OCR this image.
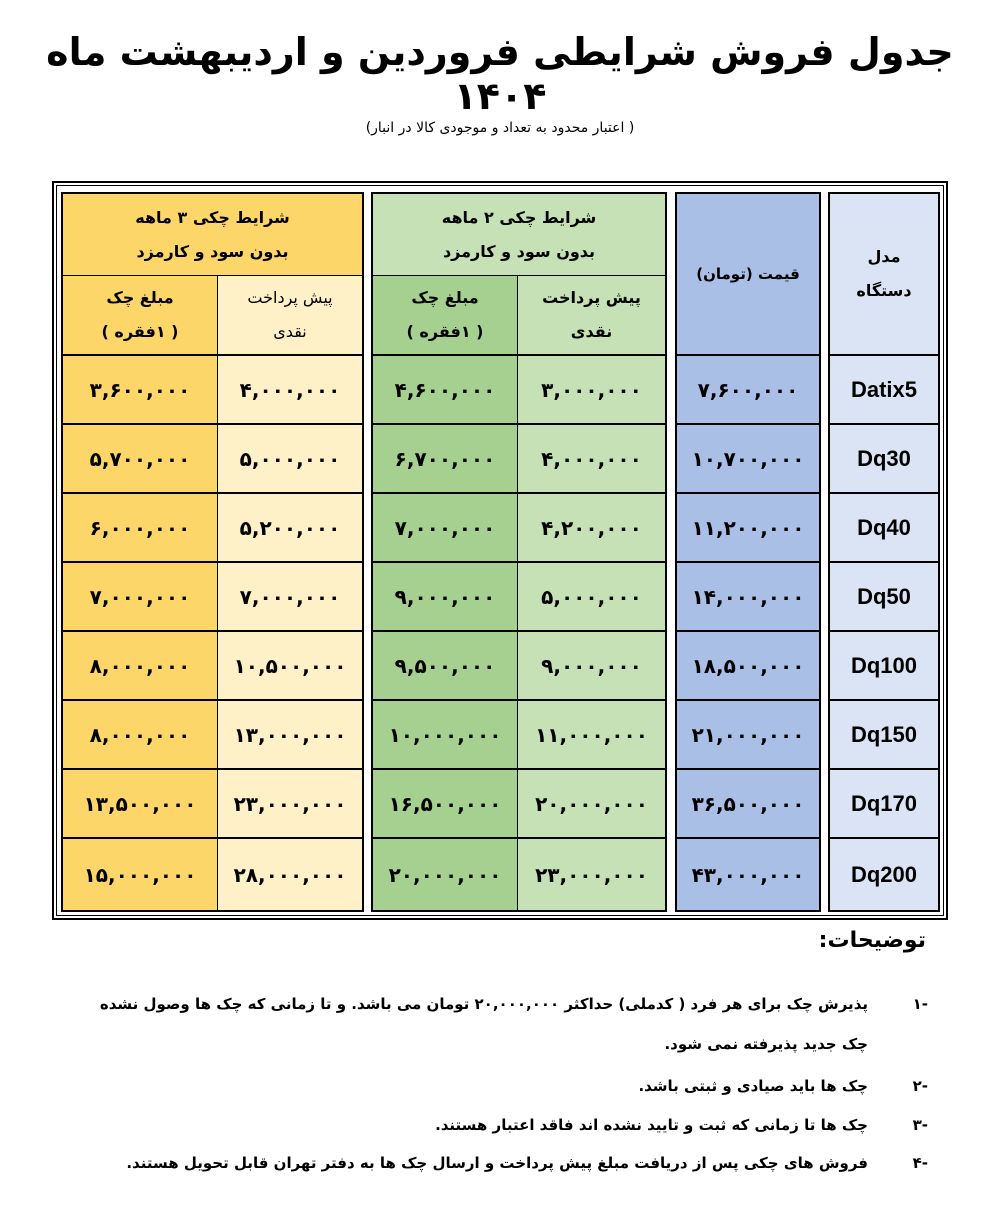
جدول فروش شرایطی فروردین و اردیبهشت ماه ۱۴۰۴
( اعتبار محدود به تعداد و موجودی کالا در انبار)
مدل
دستگاه
قیمت (تومان)
شرایط چکی ۲ ماهه
بدون سود و کارمزد
پیش پرداخت
نقدی
مبلغ چک
( ۱فقره )
شرایط چکی ۳ ماهه
بدون سود و کارمزد
پیش پرداخت
نقدی
مبلغ چک
( ۱فقره )
Datix5
۷,۶۰۰,۰۰۰
۳,۰۰۰,۰۰۰
۴,۶۰۰,۰۰۰
۴,۰۰۰,۰۰۰
۳,۶۰۰,۰۰۰
Dq30
۱۰,۷۰۰,۰۰۰
۴,۰۰۰,۰۰۰
۶,۷۰۰,۰۰۰
۵,۰۰۰,۰۰۰
۵,۷۰۰,۰۰۰
Dq40
۱۱,۲۰۰,۰۰۰
۴,۲۰۰,۰۰۰
۷,۰۰۰,۰۰۰
۵,۲۰۰,۰۰۰
۶,۰۰۰,۰۰۰
Dq50
۱۴,۰۰۰,۰۰۰
۵,۰۰۰,۰۰۰
۹,۰۰۰,۰۰۰
۷,۰۰۰,۰۰۰
۷,۰۰۰,۰۰۰
Dq100
۱۸,۵۰۰,۰۰۰
۹,۰۰۰,۰۰۰
۹,۵۰۰,۰۰۰
۱۰,۵۰۰,۰۰۰
۸,۰۰۰,۰۰۰
Dq150
۲۱,۰۰۰,۰۰۰
۱۱,۰۰۰,۰۰۰
۱۰,۰۰۰,۰۰۰
۱۳,۰۰۰,۰۰۰
۸,۰۰۰,۰۰۰
Dq170
۳۶,۵۰۰,۰۰۰
۲۰,۰۰۰,۰۰۰
۱۶,۵۰۰,۰۰۰
۲۳,۰۰۰,۰۰۰
۱۳,۵۰۰,۰۰۰
Dq200
۴۳,۰۰۰,۰۰۰
۲۳,۰۰۰,۰۰۰
۲۰,۰۰۰,۰۰۰
۲۸,۰۰۰,۰۰۰
۱۵,۰۰۰,۰۰۰
توضیحات:
-۱
پذیرش چک برای هر فرد ( کدملی) حداکثر ۲۰,۰۰۰,۰۰۰ تومان می باشد. و تا زمانی که چک ها وصول نشده
چک جدید پذیرفته نمی شود.
-۲
چک ها باید صیادی و ثبتی باشد.
-۳
چک ها تا زمانی که ثبت و تایید نشده اند فاقد اعتبار هستند.
-۴
فروش های چکی پس از دریافت مبلغ پیش پرداخت و ارسال چک ها به دفتر تهران قابل تحویل هستند.
